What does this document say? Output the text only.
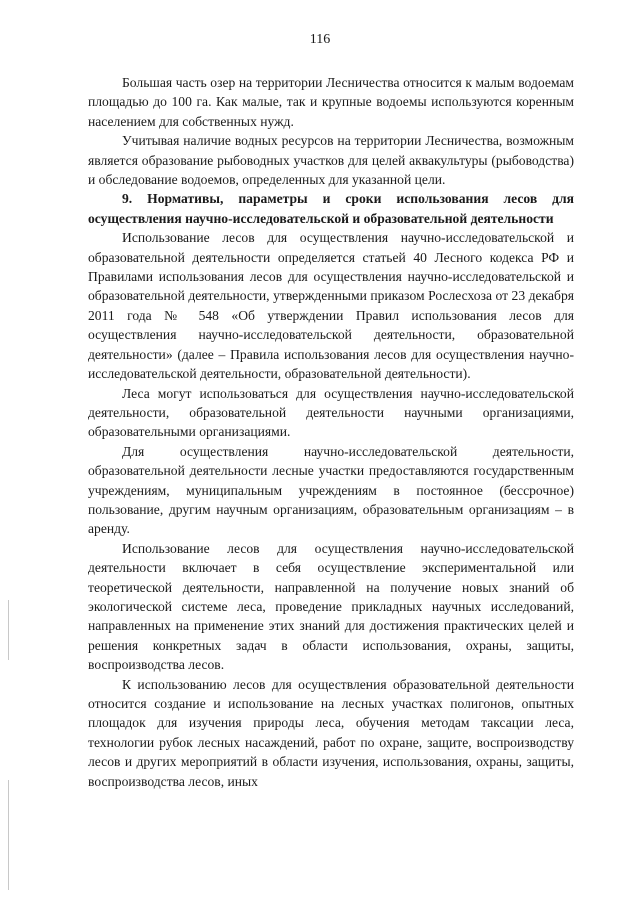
116

Большая часть озер на территории Лесничества относится к малым водоемам площадью до 100 га. Как малые, так и крупные водоемы используются коренным населением для собственных нужд.

Учитывая наличие водных ресурсов на территории Лесничества, возможным является образование рыбоводных участков для целей аквакультуры (рыбоводства) и обследование водоемов, определенных для указанной цели.

9. Нормативы, параметры и сроки использования лесов для осуществления научно-исследовательской и образовательной деятельности

Использование лесов для осуществления научно-исследовательской и образовательной деятельности определяется статьей 40 Лесного кодекса РФ и Правилами использования лесов для осуществления научно-исследовательской и образовательной деятельности, утвержденными приказом Рослесхоза от 23 декабря 2011 года № 548 «Об утверждении Правил использования лесов для осуществления научно-исследовательской деятельности, образовательной деятельности» (далее – Правила использования лесов для осуществления научно-исследовательской деятельности, образовательной деятельности).

Леса могут использоваться для осуществления научно-исследовательской деятельности, образовательной деятельности научными организациями, образовательными организациями.

Для осуществления научно-исследовательской деятельности, образовательной деятельности лесные участки предоставляются государственным учреждениям, муниципальным учреждениям в постоянное (бессрочное) пользование, другим научным организациям, образовательным организациям – в аренду.

Использование лесов для осуществления научно-исследовательской деятельности включает в себя осуществление экспериментальной или теоретической деятельности, направленной на получение новых знаний об экологической системе леса, проведение прикладных научных исследований, направленных на применение этих знаний для достижения практических целей и решения конкретных задач в области использования, охраны, защиты, воспроизводства лесов.

К использованию лесов для осуществления образовательной деятельности относится создание и использование на лесных участках полигонов, опытных площадок для изучения природы леса, обучения методам таксации леса, технологии рубок лесных насаждений, работ по охране, защите, воспроизводству лесов и других мероприятий в области изучения, использования, охраны, защиты, воспроизводства лесов, иных
